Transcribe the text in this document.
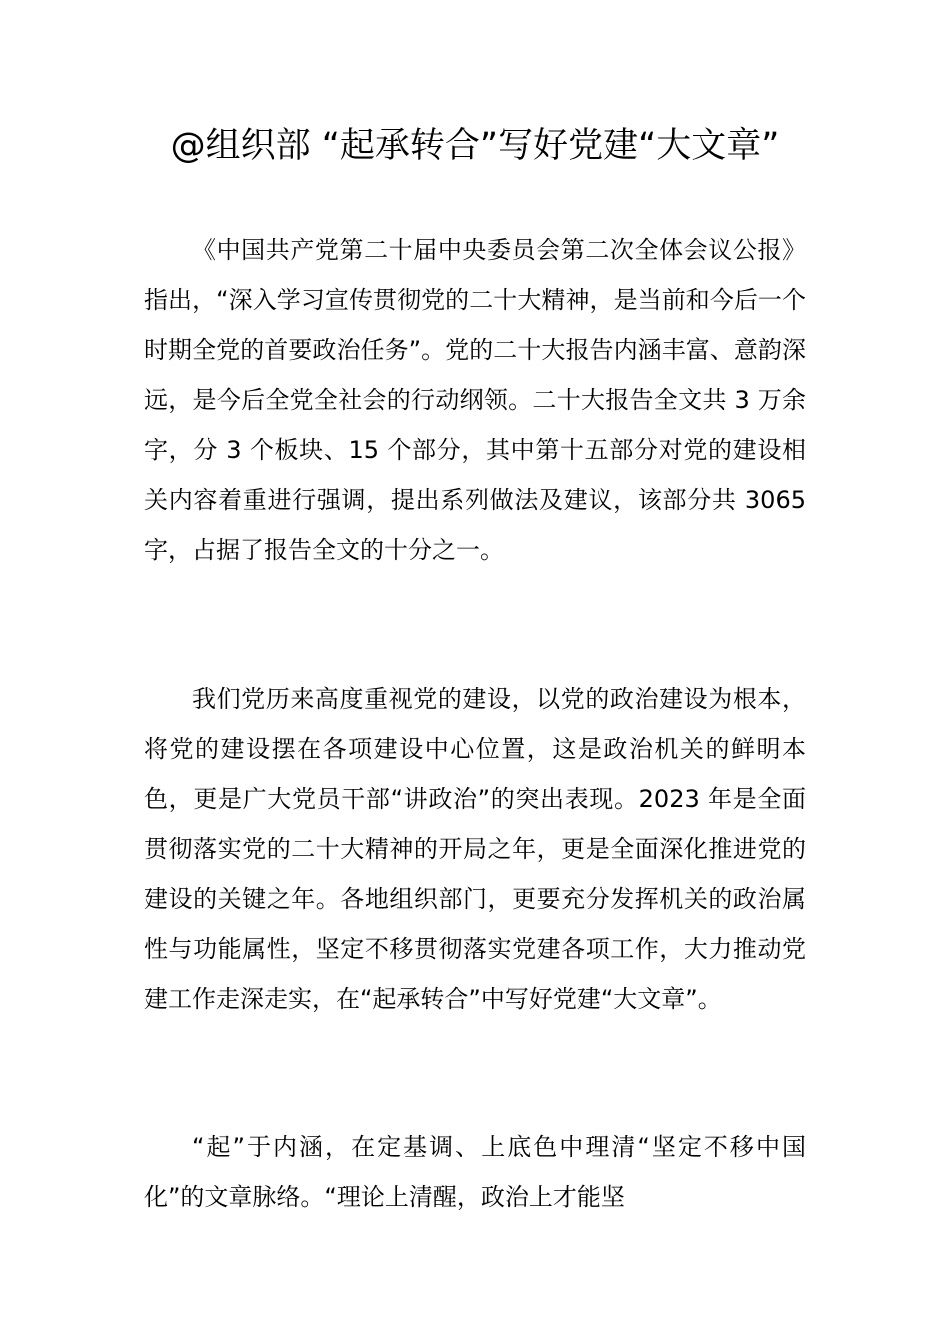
@组织部 “起承转合”写好党建“大文章”

《中国共产党第二十届中央委员会第二次全体会议公报》指出，“深入学习宣传贯彻党的二十大精神，是当前和今后一个时期全党的首要政治任务”。党的二十大报告内涵丰富、意韵深远，是今后全党全社会的行动纲领。二十大报告全文共 3 万余字，分 3 个板块、15 个部分，其中第十五部分对党的建设相关内容着重进行强调，提出系列做法及建议，该部分共 3065 字，占据了报告全文的十分之一。

我们党历来高度重视党的建设，以党的政治建设为根本，将党的建设摆在各项建设中心位置，这是政治机关的鲜明本色，更是广大党员干部“讲政治”的突出表现。2023 年是全面贯彻落实党的二十大精神的开局之年，更是全面深化推进党的建设的关键之年。各地组织部门，更要充分发挥机关的政治属性与功能属性，坚定不移贯彻落实党建各项工作，大力推动党建工作走深走实，在“起承转合”中写好党建“大文章”。

“起”于内涵，在定基调、上底色中理清“坚定不移中国化”的文章脉络。“理论上清醒，政治上才能坚
